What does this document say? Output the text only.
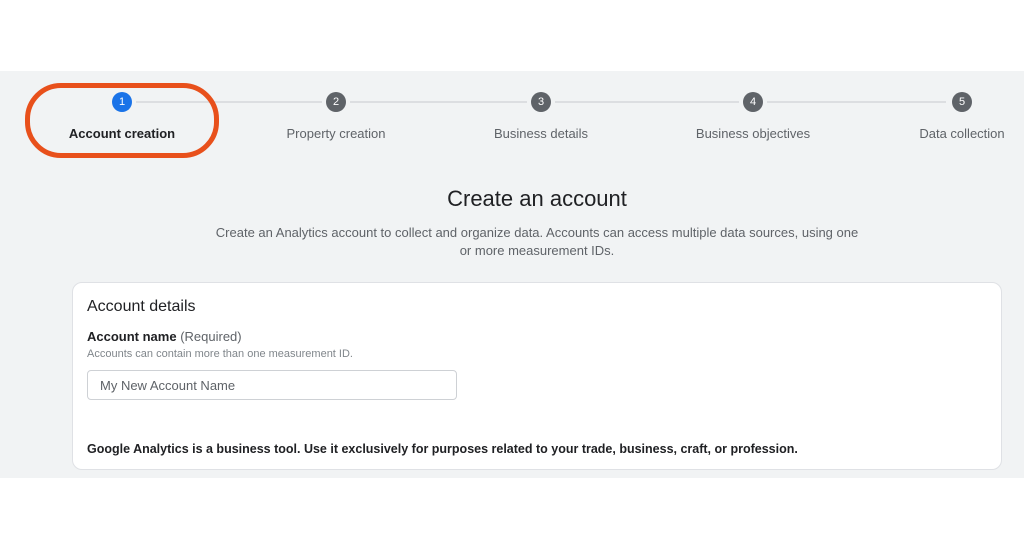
1
Account creation
2
Property creation
3
Business details
4
Business objectives
5
Data collection
Create an account
Create an Analytics account to collect and organize data. Accounts can access multiple data sources, using one or more measurement IDs.
Account details
Account name (Required)
Accounts can contain more than one measurement ID.
My New Account Name
Google Analytics is a business tool. Use it exclusively for purposes related to your trade, business, craft, or profession.
